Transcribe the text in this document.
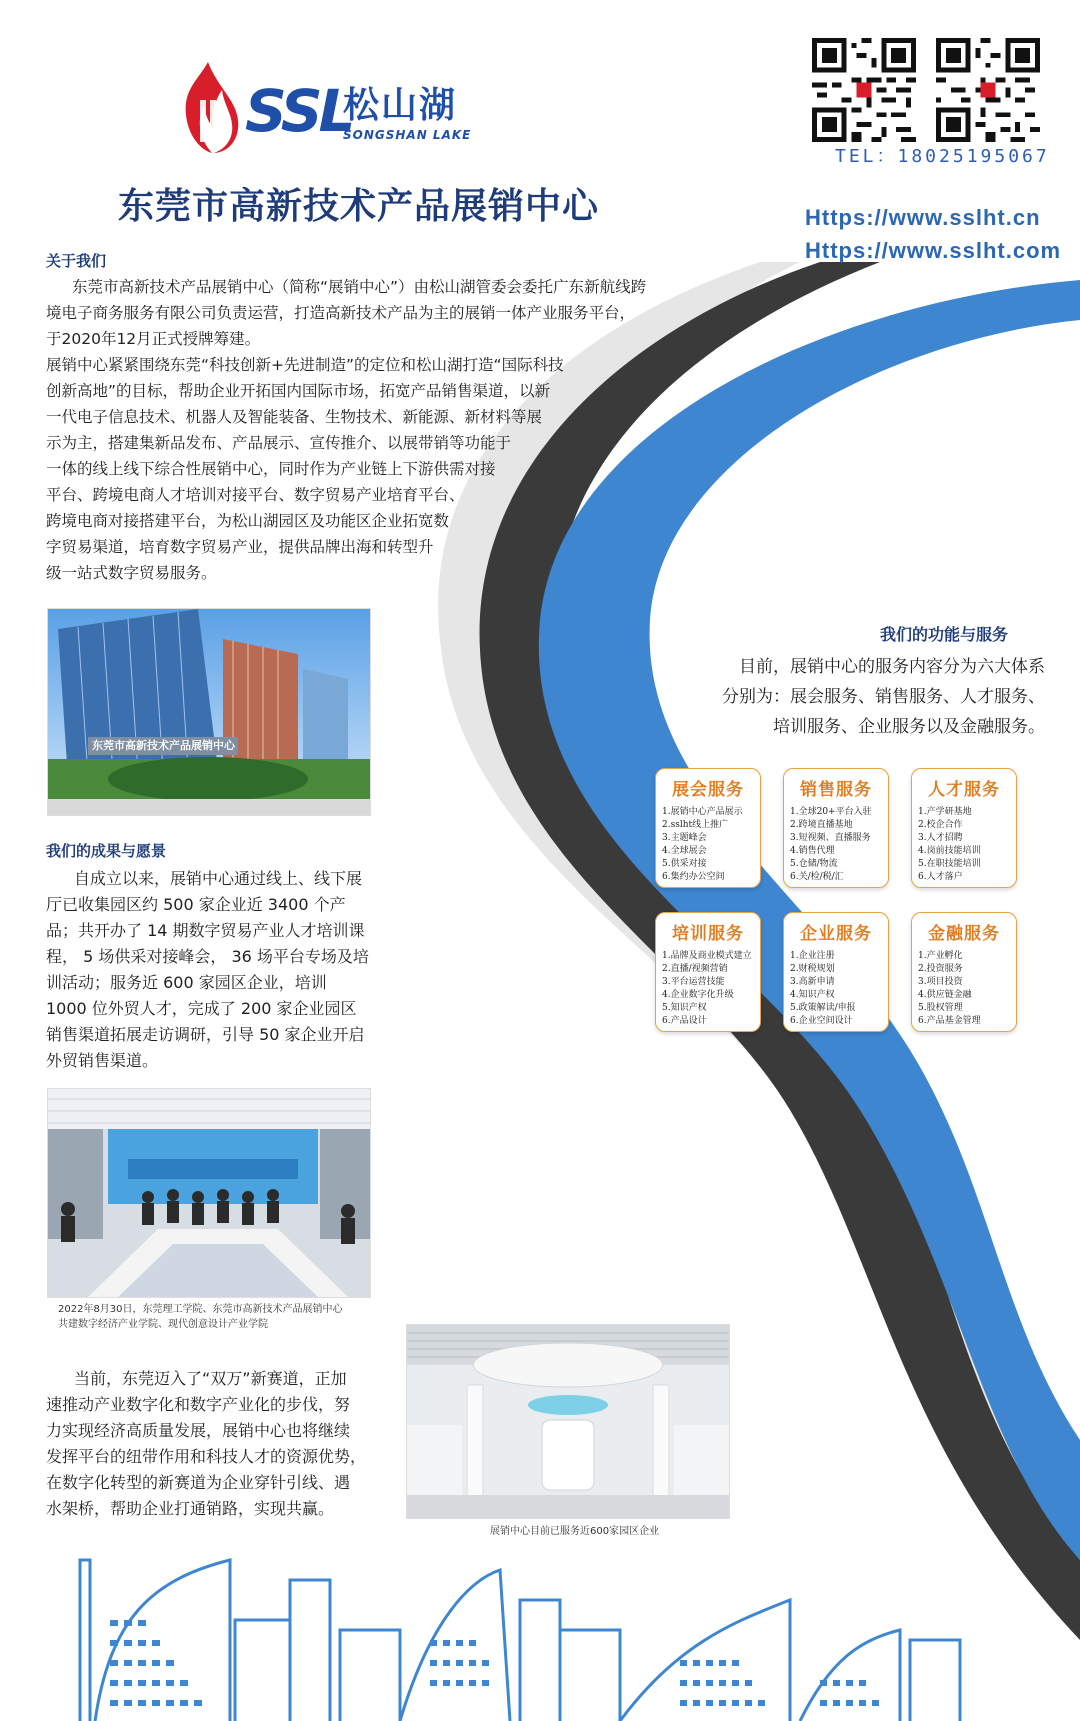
SSL
松山湖
SONGSHAN LAKE
东莞市高新技术产品展销中心
TEL：18025195067
Https://www.sslht.cn
Https://www.sslht.com
关于我们
东莞市高新技术产品展销中心（简称“展销中心”）由松山湖管委会委托广东新航线跨
境电子商务服务有限公司负责运营，打造高新技术产品为主的展销一体产业服务平台，
于2020年12月正式授牌筹建。
展销中心紧紧围绕东莞“科技创新+先进制造”的定位和松山湖打造“国际科技
创新高地”的目标，帮助企业开拓国内国际市场，拓宽产品销售渠道，以新
一代电子信息技术、机器人及智能装备、生物技术、新能源、新材料等展
示为主，搭建集新品发布、产品展示、宣传推介、以展带销等功能于
一体的线上线下综合性展销中心，同时作为产业链上下游供需对接
平台、跨境电商人才培训对接平台、数字贸易产业培育平台、
跨境电商对接搭建平台，为松山湖园区及功能区企业拓宽数
字贸易渠道，培育数字贸易产业，提供品牌出海和转型升
级一站式数字贸易服务。
东莞市高新技术产品展销中心
我们的成果与愿景
自成立以来，展销中心通过线上、线下展
厅已收集园区约 500 家企业近 3400 个产
品；共开办了 14 期数字贸易产业人才培训课
程， 5 场供采对接峰会， 36 场平台专场及培
训活动；服务近 600 家园区企业，培训
1000 位外贸人才，完成了 200 家企业园区
销售渠道拓展走访调研，引导 50 家企业开启
外贸销售渠道。
2022年8月30日，东莞理工学院、东莞市高新技术产品展销中心
共建数字经济产业学院、现代创意设计产业学院
当前，东莞迈入了“双万”新赛道，正加
速推动产业数字化和数字产业化的步伐，努
力实现经济高质量发展，展销中心也将继续
发挥平台的纽带作用和科技人才的资源优势，
在数字化转型的新赛道为企业穿针引线、遇
水架桥，帮助企业打通销路，实现共赢。
展销中心目前已服务近600家园区企业
我们的功能与服务
目前，展销中心的服务内容分为六大体系
分别为：展会服务、销售服务、人才服务、
培训服务、企业服务以及金融服务。
展会服务
1.展销中心产品展示
2.sslht线上推广
3.主题峰会
4.全球展会
5.供采对接
6.集约办公空间
销售服务
1.全球20+平台入驻
2.跨境直播基地
3.短视频、直播服务
4.销售代理
5.仓储/物流
6.关/检/税/汇
人才服务
1.产学研基地
2.校企合作
3.人才招聘
4.岗前技能培训
5.在职技能培训
6.人才落户
培训服务
1.品牌及商业模式建立
2.直播/视频营销
3.平台运营技能
4.企业数字化升级
5.知识产权
6.产品设计
企业服务
1.企业注册
2.财税规划
3.高新申请
4.知识产权
5.政策解读/申报
6.企业空间设计
金融服务
1.产业孵化
2.投资服务
3.项目投资
4.供应链金融
5.股权管理
6.产品基金管理
